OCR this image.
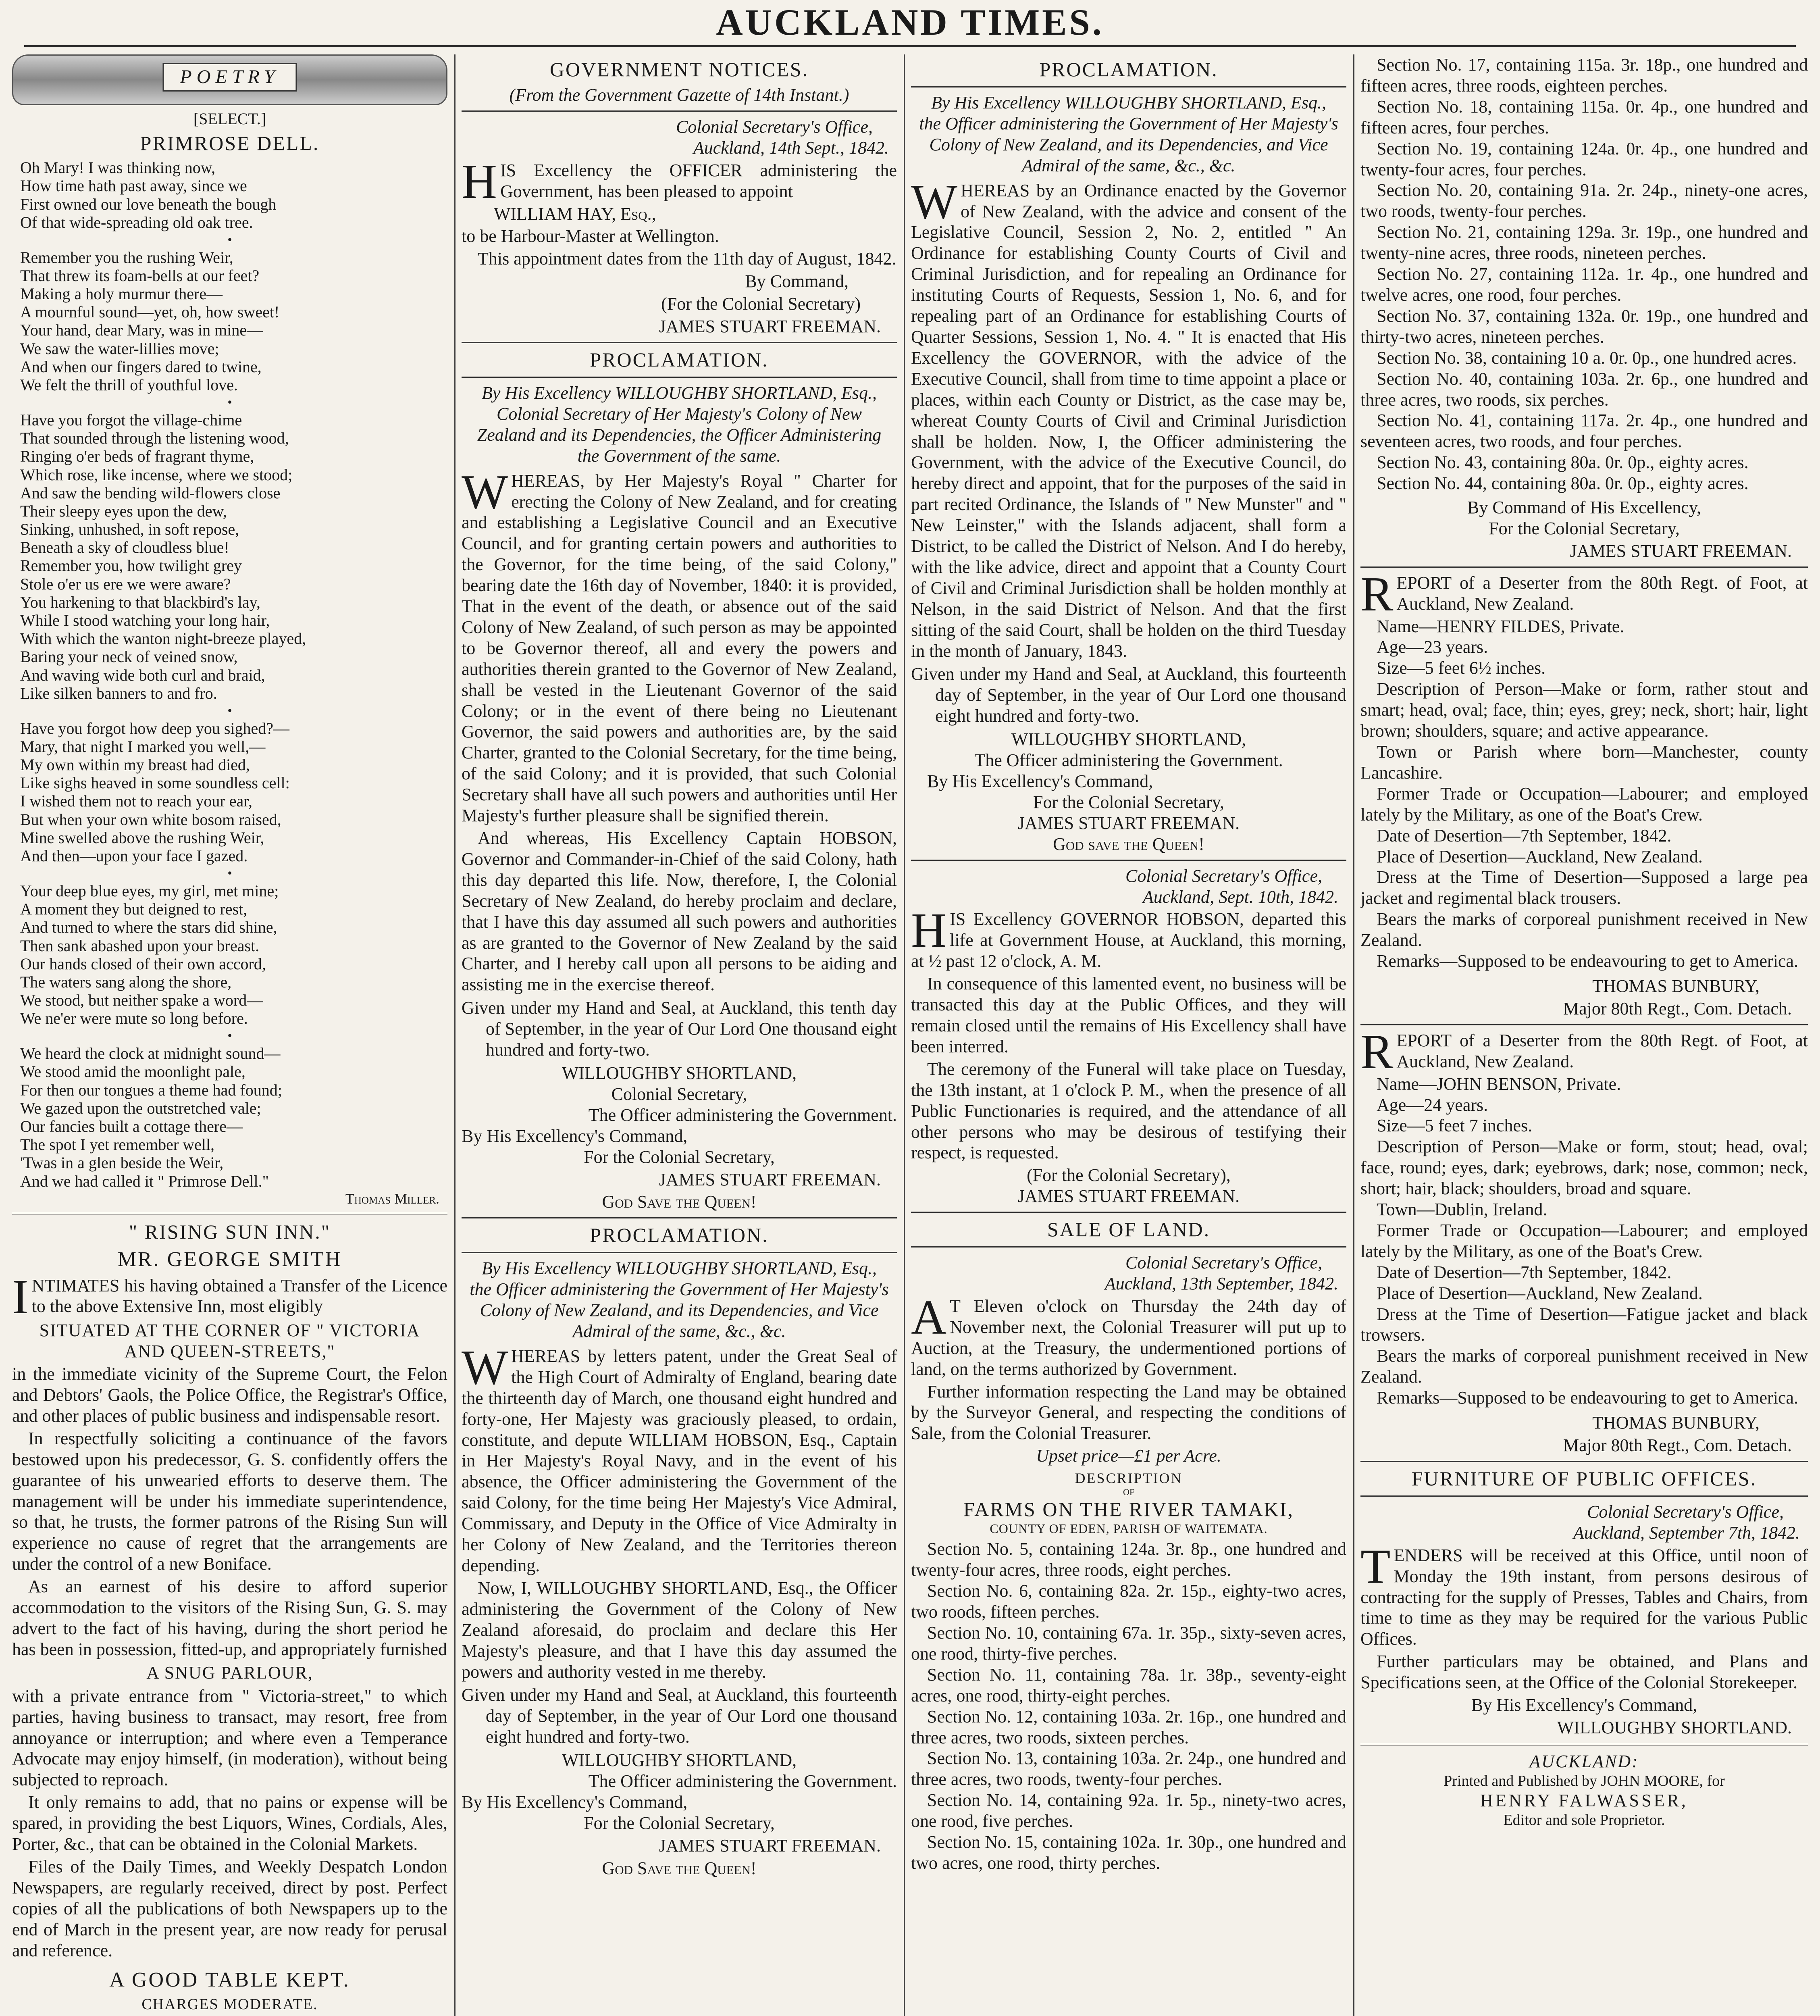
AUCKLAND TIMES.
POETRY
[SELECT.]
PRIMROSE DELL.

Oh Mary! I was thinking now,

How time hath past away, since we

First owned our love beneath the bough

Of that wide-spreading old oak tree.

•

Remember you the rushing Weir,

That threw its foam-bells at our feet?

Making a holy murmur there—

A mournful sound—yet, oh, how sweet!

Your hand, dear Mary, was in mine—

We saw the water-lillies move;

And when our fingers dared to twine,

We felt the thrill of youthful love.

•

Have you forgot the village-chime

That sounded through the listening wood,

Ringing o'er beds of fragrant thyme,

Which rose, like incense, where we stood;

And saw the bending wild-flowers close

Their sleepy eyes upon the dew,

Sinking, unhushed, in soft repose,

Beneath a sky of cloudless blue!

Remember you, how twilight grey

Stole o'er us ere we were aware?

You harkening to that blackbird's lay,

While I stood watching your long hair,

With which the wanton night-breeze played,

Baring your neck of veined snow,

And waving wide both curl and braid,

Like silken banners to and fro.

•

Have you forgot how deep you sighed?—

Mary, that night I marked you well,—

My own within my breast had died,

Like sighs heaved in some soundless cell:

I wished them not to reach your ear,

But when your own white bosom raised,

Mine swelled above the rushing Weir,

And then—upon your face I gazed.

•

Your deep blue eyes, my girl, met mine;

A moment they but deigned to rest,

And turned to where the stars did shine,

Then sank abashed upon your breast.

Our hands closed of their own accord,

The waters sang along the shore,

We stood, but neither spake a word—

We ne'er were mute so long before.

•

We heard the clock at midnight sound—

We stood amid the moonlight pale,

For then our tongues a theme had found;

We gazed upon the outstretched vale;

Our fancies built a cottage there—

The spot I yet remember well,

'Twas in a glen beside the Weir,

And we had called it " Primrose Dell."

Thomas Miller.
" RISING SUN INN."
MR. GEORGE SMITH
INTIMATES his having obtained a Transfer of the Licence to the above Extensive Inn, most eligibly
SITUATED AT THE CORNER OF " VICTORIA
AND QUEEN-STREETS,"
in the immediate vicinity of the Supreme Court, the Felon and Debtors' Gaols, the Police Office, the Registrar's Office, and other places of public business and indispensable resort.
In respectfully soliciting a continuance of the favors bestowed upon his predecessor, G. S. confidently offers the guarantee of his unwearied efforts to deserve them. The management will be under his immediate superintendence, so that, he trusts, the former patrons of the Rising Sun will experience no cause of regret that the arrangements are under the control of a new Boniface.
As an earnest of his desire to afford superior accommodation to the visitors of the Rising Sun, G. S. may advert to the fact of his having, during the short period he has been in possession, fitted-up, and appropriately furnished
A SNUG PARLOUR,
with a private entrance from " Victoria-street," to which parties, having business to transact, may resort, free from annoyance or interruption; and where even a Temperance Advocate may enjoy himself, (in moderation), without being subjected to reproach.
It only remains to add, that no pains or expense will be spared, in providing the best Liquors, Wines, Cordials, Ales, Porter, &c., that can be obtained in the Colonial Markets.
Files of the Daily Times, and Weekly Despatch London Newspapers, are regularly received, direct by post. Perfect copies of all the publications of both Newspapers up to the end of March in the present year, are now ready for perusal and reference.
A GOOD TABLE KEPT.
CHARGES MODERATE.
GOVERNMENT NOTICES.
(From the Government Gazette of 14th Instant.)
Colonial Secretary's Office,
Auckland, 14th Sept., 1842.
HIS Excellency the OFFICER administering the Government, has been pleased to appoint
WILLIAM HAY, Esq.,
to be Harbour-Master at Wellington.
This appointment dates from the 11th day of August, 1842.
By Command,
(For the Colonial Secretary)
JAMES STUART FREEMAN.
PROCLAMATION.
By His Excellency WILLOUGHBY SHORTLAND, Esq., Colonial Secretary of Her Majesty's Colony of New Zealand and its Dependencies, the Officer Administering the Government of the same.
WHEREAS, by Her Majesty's Royal " Charter for erecting the Colony of New Zealand, and for creating and establishing a Legislative Council and an Executive Council, and for granting certain powers and authorities to the Governor, for the time being, of the said Colony," bearing date the 16th day of November, 1840: it is provided, That in the event of the death, or absence out of the said Colony of New Zealand, of such person as may be appointed to be Governor thereof, all and every the powers and authorities therein granted to the Governor of New Zealand, shall be vested in the Lieutenant Governor of the said Colony; or in the event of there being no Lieutenant Governor, the said powers and authorities are, by the said Charter, granted to the Colonial Secretary, for the time being, of the said Colony; and it is provided, that such Colonial Secretary shall have all such powers and authorities until Her Majesty's further pleasure shall be signified therein.
And whereas, His Excellency Captain HOBSON, Governor and Commander-in-Chief of the said Colony, hath this day departed this life. Now, therefore, I, the Colonial Secretary of New Zealand, do hereby proclaim and declare, that I have this day assumed all such powers and authorities as are granted to the Governor of New Zealand by the said Charter, and I hereby call upon all persons to be aiding and assisting me in the exercise thereof.
Given under my Hand and Seal, at Auckland, this tenth day of September, in the year of Our Lord One thousand eight hundred and forty-two.
WILLOUGHBY SHORTLAND,
Colonial Secretary,
The Officer administering the Government.
By His Excellency's Command,
For the Colonial Secretary,
JAMES STUART FREEMAN.
God Save the Queen!
PROCLAMATION.
By His Excellency WILLOUGHBY SHORTLAND, Esq., the Officer administering the Government of Her Majesty's Colony of New Zealand, and its Dependencies, and Vice Admiral of the same, &c., &c.
WHEREAS by letters patent, under the Great Seal of the High Court of Admiralty of England, bearing date the thirteenth day of March, one thousand eight hundred and forty-one, Her Majesty was graciously pleased, to ordain, constitute, and depute WILLIAM HOBSON, Esq., Captain in Her Majesty's Royal Navy, and in the event of his absence, the Officer administering the Government of the said Colony, for the time being Her Majesty's Vice Admiral, Commissary, and Deputy in the Office of Vice Admiralty in her Colony of New Zealand, and the Territories thereon depending.
Now, I, WILLOUGHBY SHORTLAND, Esq., the Officer administering the Government of the Colony of New Zealand aforesaid, do proclaim and declare this Her Majesty's pleasure, and that I have this day assumed the powers and authority vested in me thereby.
Given under my Hand and Seal, at Auckland, this fourteenth day of September, in the year of Our Lord one thousand eight hundred and forty-two.
WILLOUGHBY SHORTLAND,
The Officer administering the Government.
By His Excellency's Command,
For the Colonial Secretary,
JAMES STUART FREEMAN.
God Save the Queen!
PROCLAMATION.
By His Excellency WILLOUGHBY SHORTLAND, Esq., the Officer administering the Government of Her Majesty's Colony of New Zealand, and its Dependencies, and Vice Admiral of the same, &c., &c.
WHEREAS by an Ordinance enacted by the Governor of New Zealand, with the advice and consent of the Legislative Council, Session 2, No. 2, entitled " An Ordinance for establishing County Courts of Civil and Criminal Jurisdiction, and for repealing an Ordinance for instituting Courts of Requests, Session 1, No. 6, and for repealing part of an Ordinance for establishing Courts of Quarter Sessions, Session 1, No. 4. " It is enacted that His Excellency the GOVERNOR, with the advice of the Executive Council, shall from time to time appoint a place or places, within each County or District, as the case may be, whereat County Courts of Civil and Criminal Jurisdiction shall be holden. Now, I, the Officer administering the Government, with the advice of the Executive Council, do hereby direct and appoint, that for the purposes of the said in part recited Ordinance, the Islands of " New Munster" and " New Leinster," with the Islands adjacent, shall form a District, to be called the District of Nelson. And I do hereby, with the like advice, direct and appoint that a County Court of Civil and Criminal Jurisdiction shall be holden monthly at Nelson, in the said District of Nelson. And that the first sitting of the said Court, shall be holden on the third Tuesday in the month of January, 1843.
Given under my Hand and Seal, at Auckland, this fourteenth day of September, in the year of Our Lord one thousand eight hundred and forty-two.
WILLOUGHBY SHORTLAND,
The Officer administering the Government.
By His Excellency's Command,
For the Colonial Secretary,
JAMES STUART FREEMAN.
God save the Queen!
Colonial Secretary's Office,
Auckland, Sept. 10th, 1842.
HIS Excellency GOVERNOR HOBSON, departed this life at Government House, at Auckland, this morning, at ½ past 12 o'clock, A. M.
In consequence of this lamented event, no business will be transacted this day at the Public Offices, and they will remain closed until the remains of His Excellency shall have been interred.
The ceremony of the Funeral will take place on Tuesday, the 13th instant, at 1 o'clock P. M., when the presence of all Public Functionaries is required, and the attendance of all other persons who may be desirous of testifying their respect, is requested.
(For the Colonial Secretary),
JAMES STUART FREEMAN.
SALE OF LAND.
Colonial Secretary's Office,
Auckland, 13th September, 1842.
A T Eleven o'clock on Thursday the 24th day of November next, the Colonial Treasurer will put up to Auction, at the Treasury, the undermentioned portions of land, on the terms authorized by Government.
Further information respecting the Land may be obtained by the Surveyor General, and respecting the conditions of Sale, from the Colonial Treasurer.
Upset price—£1 per Acre.
DESCRIPTION
OF
FARMS ON THE RIVER TAMAKI,
COUNTY OF EDEN, PARISH OF WAITEMATA.
Section No. 5, containing 124a. 3r. 8p., one hundred and twenty-four acres, three roods, eight perches.
Section No. 6, containing 82a. 2r. 15p., eighty-two acres, two roods, fifteen perches.
Section No. 10, containing 67a. 1r. 35p., sixty-seven acres, one rood, thirty-five perches.
Section No. 11, containing 78a. 1r. 38p., seventy-eight acres, one rood, thirty-eight perches.
Section No. 12, containing 103a. 2r. 16p., one hundred and three acres, two roods, sixteen perches.
Section No. 13, containing 103a. 2r. 24p., one hundred and three acres, two roods, twenty-four perches.
Section No. 14, containing 92a. 1r. 5p., ninety-two acres, one rood, five perches.
Section No. 15, containing 102a. 1r. 30p., one hundred and two acres, one rood, thirty perches.
Section No. 17, containing 115a. 3r. 18p., one hundred and fifteen acres, three roods, eighteen perches.
Section No. 18, containing 115a. 0r. 4p., one hundred and fifteen acres, four perches.
Section No. 19, containing 124a. 0r. 4p., one hundred and twenty-four acres, four perches.
Section No. 20, containing 91a. 2r. 24p., ninety-one acres, two roods, twenty-four perches.
Section No. 21, containing 129a. 3r. 19p., one hundred and twenty-nine acres, three roods, nineteen perches.
Section No. 27, containing 112a. 1r. 4p., one hundred and twelve acres, one rood, four perches.
Section No. 37, containing 132a. 0r. 19p., one hundred and thirty-two acres, nineteen perches.
Section No. 38, containing 10 a. 0r. 0p., one hundred acres.
Section No. 40, containing 103a. 2r. 6p., one hundred and three acres, two roods, six perches.
Section No. 41, containing 117a. 2r. 4p., one hundred and seventeen acres, two roods, and four perches.
Section No. 43, containing 80a. 0r. 0p., eighty acres.
Section No. 44, containing 80a. 0r. 0p., eighty acres.
By Command of His Excellency,
For the Colonial Secretary,
JAMES STUART FREEMAN.
REPORT of a Deserter from the 80th Regt. of Foot, at Auckland, New Zealand.
Name—HENRY FILDES, Private.
Age—23 years.
Size—5 feet 6½ inches.
Description of Person—Make or form, rather stout and smart; head, oval; face, thin; eyes, grey; neck, short; hair, light brown; shoulders, square; and active appearance.
Town or Parish where born—Manchester, county Lancashire.
Former Trade or Occupation—Labourer; and employed lately by the Military, as one of the Boat's Crew.
Date of Desertion—7th September, 1842.
Place of Desertion—Auckland, New Zealand.
Dress at the Time of Desertion—Supposed a large pea jacket and regimental black trousers.
Bears the marks of corporeal punishment received in New Zealand.
Remarks—Supposed to be endeavouring to get to America.
THOMAS BUNBURY,
Major 80th Regt., Com. Detach.
REPORT of a Deserter from the 80th Regt. of Foot, at Auckland, New Zealand.
Name—JOHN BENSON, Private.
Age—24 years.
Size—5 feet 7 inches.
Description of Person—Make or form, stout; head, oval; face, round; eyes, dark; eyebrows, dark; nose, common; neck, short; hair, black; shoulders, broad and square.
Town—Dublin, Ireland.
Former Trade or Occupation—Labourer; and employed lately by the Military, as one of the Boat's Crew.
Date of Desertion—7th September, 1842.
Place of Desertion—Auckland, New Zealand.
Dress at the Time of Desertion—Fatigue jacket and black trowsers.
Bears the marks of corporeal punishment received in New Zealand.
Remarks—Supposed to be endeavouring to get to America.
THOMAS BUNBURY,
Major 80th Regt., Com. Detach.
FURNITURE OF PUBLIC OFFICES.
Colonial Secretary's Office,
Auckland, September 7th, 1842.
TENDERS will be received at this Office, until noon of Monday the 19th instant, from persons desirous of contracting for the supply of Presses, Tables and Chairs, from time to time as they may be required for the various Public Offices.
Further particulars may be obtained, and Plans and Specifications seen, at the Office of the Colonial Storekeeper.
By His Excellency's Command,
WILLOUGHBY SHORTLAND.
AUCKLAND:
Printed and Published by JOHN MOORE, for
HENRY FALWASSER,
Editor and sole Proprietor.
